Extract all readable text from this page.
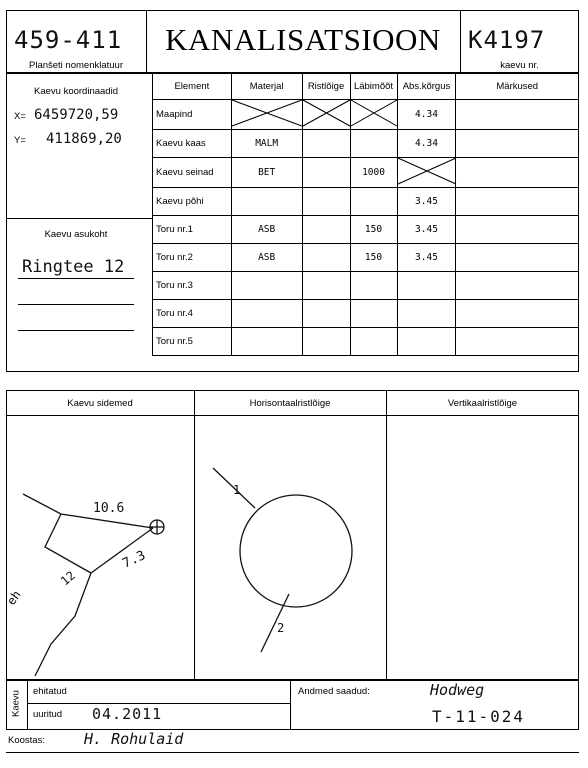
459-411
Planšeti nomenklatuur
KANALISATSIOON	K4197
kaevu nr.
Kaevu koordinaadid
X= 6459720,59
Y= 411869,20
Kaevu asukoht
Ringtee 12
Element	Materjal	Ristlõige	Läbimõõt	Abs.kõrgus	Märkused
Maapind				4.34	
Kaevu kaas	MALM			4.34	
Kaevu seinad	BET		1000		
Kaevu põhi				3.45	
Toru nr.1	ASB		150	3.45	
Toru nr.2	ASB		150	3.45	
Toru nr.3					
Toru nr.4					
Toru nr.5					
Kaevu sidemed	Horisontaalristlõige	Vertikaalristlõige
10.6
7.3
12
eh
1
2
Kaevu ehitatud
uuritud 04.2011
Andmed saadud:	Hodweg
T-11-024
Koostas:	H. Rohulaid
